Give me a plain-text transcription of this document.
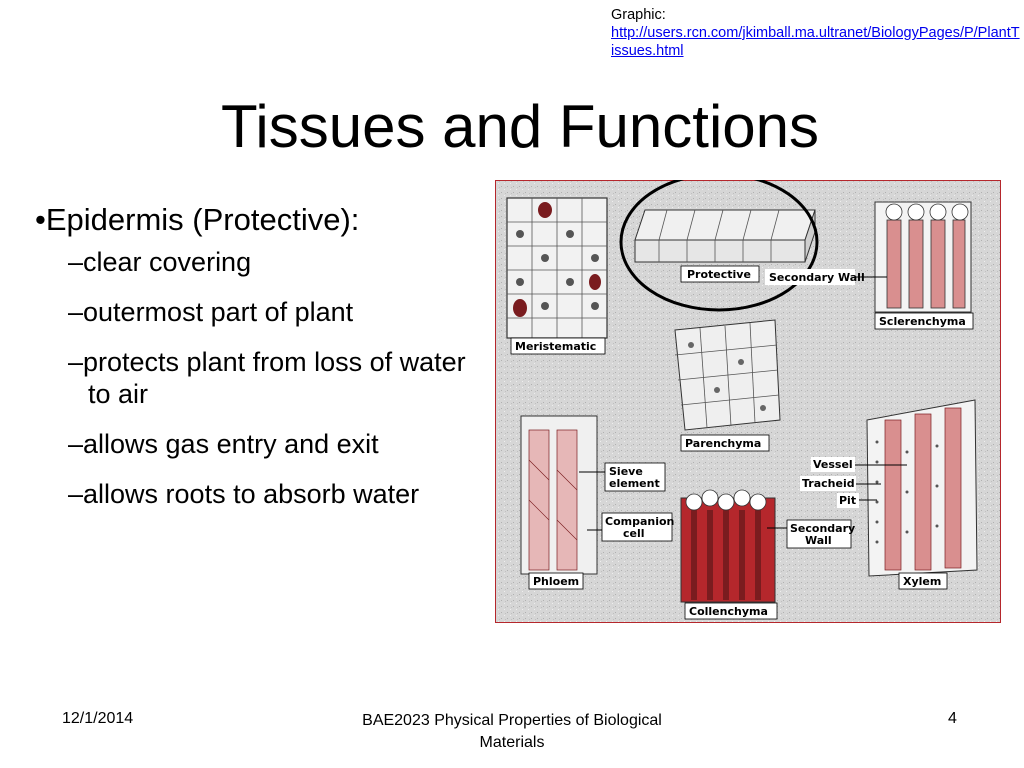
Graphic:
http://users.rcn.com/jkimball.ma.ultranet/BiologyPages/P/PlantTissues.html
Tissues and Functions
•Epidermis (Protective):
–clear covering
–outermost part of plant
–protects plant from loss of water to air
–allows gas entry and exit
–allows roots to absorb water
Meristematic
Protective Secondary Wall
Sclerenchyma
Parenchyma
Sieve
element
Companion
cell
Phloem
Secondary
Wall
Collenchyma
Vessel
Tracheid
Pit
Xylem
12/1/2014	BAE2023 Physical Properties of Biological Materials
4
